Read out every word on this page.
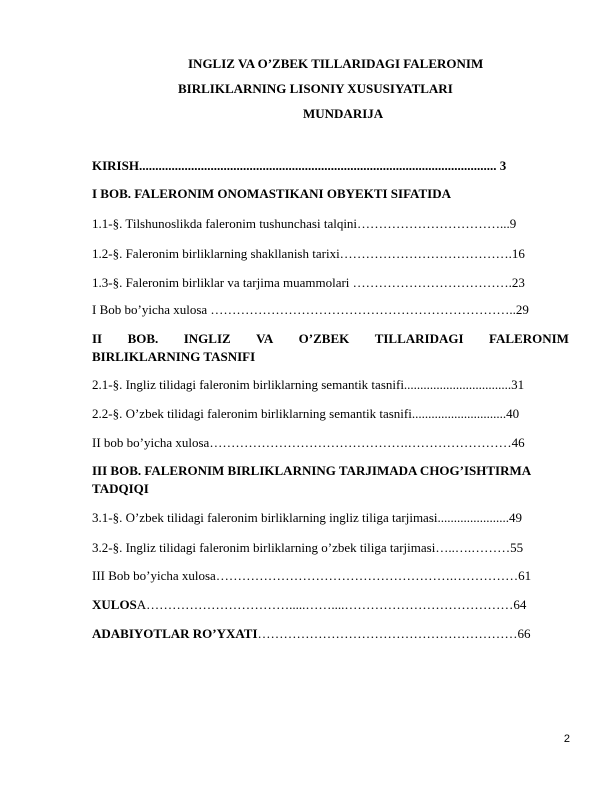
INGLIZ VA O’ZBEK TILLARIDAGI FALERONIM
BIRLIKLARNING LISONIY XUSUSIYATLARI
MUNDARIJA
KIRISH.............................................................................................................. 3
I BOB. FALERONIM ONOMASTIKANI OBYEKTI SIFATIDA
1.1-§. Tilshunoslikda faleronim tushunchasi talqini……………………………...9
1.2-§. Faleronim birliklarning shakllanish tarixi………………………………….16
1.3-§. Faleronim birliklar va tarjima muammolari ……………………………….23
I Bob bo’yicha xulosa ……………………………………………………………..29
II BOB. INGLIZ VA O’ZBEK TILLARIDAGI FALERONIM
BIRLIKLARNING TASNIFI
2.1-§. Ingliz tilidagi faleronim birliklarning semantik tasnifi.................................31
2.2-§. O’zbek tilidagi faleronim birliklarning semantik tasnifi.............................40
II bob bo’yicha xulosa……………………………………….……………………46
III BOB. FALERONIM BIRLIKLARNING TARJIMADA CHOG’ISHTIRMA
TADQIQI
3.1-§. O’zbek tilidagi faleronim birliklarning ingliz tiliga tarjimasi......................49
3.2-§. Ingliz tilidagi faleronim birliklarning o’zbek tiliga tarjimasi…..….………55
III Bob bo’yicha xulosa……………………………………………….……………61
XULOSA…………………………….....……....…………………………………64
ADABIYOTLAR RO’YXATI……………………………………………………66
2
